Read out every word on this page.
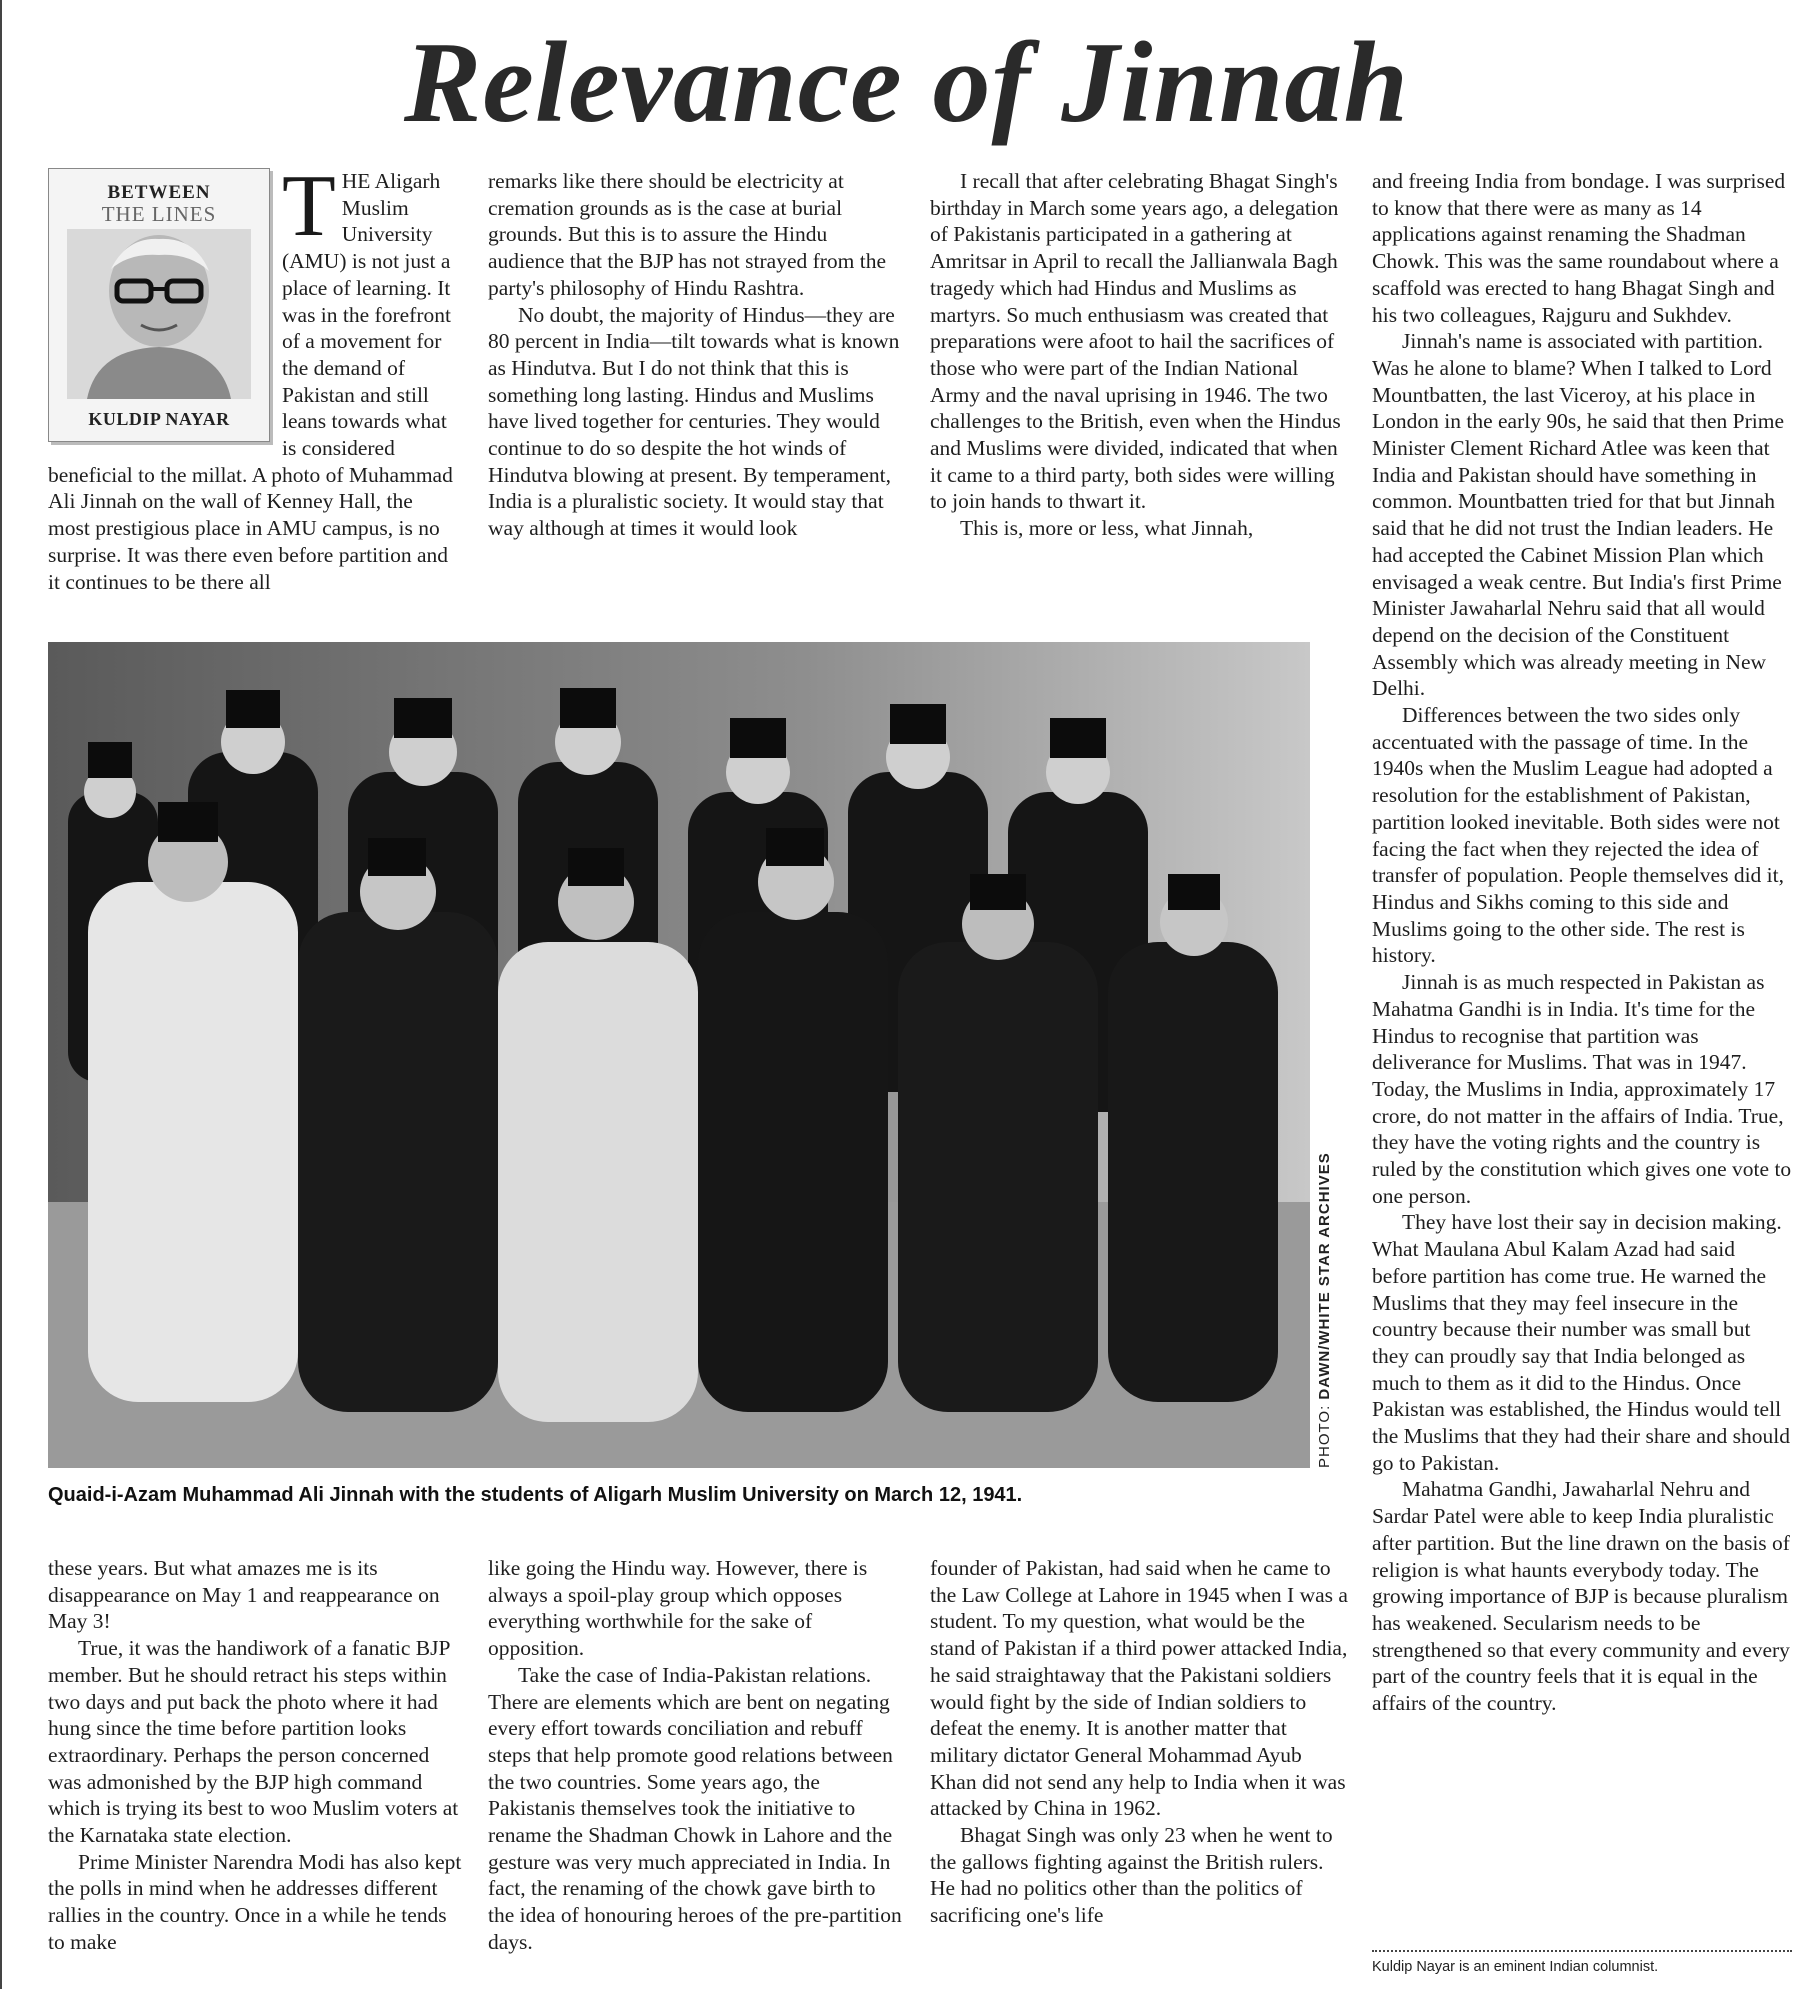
Relevance of Jinnah
BETWEEN
THE LINES
KULDIP NAYAR
T HE Aligarh Muslim University (AMU) is not just a place of learning. It was in the forefront of a movement for the demand of Pakistan and still leans towards what is considered beneficial to the millat. A photo of Muhammad Ali Jinnah on the wall of Kenney Hall, the most prestigious place in AMU campus, is no surprise. It was there even before partition and it continues to be there all

remarks like there should be electricity at cremation grounds as is the case at burial grounds. But this is to assure the Hindu audience that the BJP has not strayed from the party's philosophy of Hindu Rashtra.

No doubt, the majority of Hindus—they are 80 percent in India—tilt towards what is known as Hindutva. But I do not think that this is something long lasting. Hindus and Muslims have lived together for centuries. They would continue to do so despite the hot winds of Hindutva blowing at present. By temperament, India is a pluralistic society. It would stay that way although at times it would look

I recall that after celebrating Bhagat Singh's birthday in March some years ago, a delegation of Pakistanis participated in a gathering at Amritsar in April to recall the Jallianwala Bagh tragedy which had Hindus and Muslims as martyrs. So much enthusiasm was created that preparations were afoot to hail the sacrifices of those who were part of the Indian National Army and the naval uprising in 1946. The two challenges to the British, even when the Hindus and Muslims were divided, indicated that when it came to a third party, both sides were willing to join hands to thwart it.

This is, more or less, what Jinnah,

and freeing India from bondage. I was surprised to know that there were as many as 14 applications against renaming the Shadman Chowk. This was the same roundabout where a scaffold was erected to hang Bhagat Singh and his two colleagues, Rajguru and Sukhdev.

Jinnah's name is associated with partition. Was he alone to blame? When I talked to Lord Mountbatten, the last Viceroy, at his place in London in the early 90s, he said that then Prime Minister Clement Richard Atlee was keen that India and Pakistan should have something in common. Mountbatten tried for that but Jinnah said that he did not trust the Indian leaders. He had accepted the Cabinet Mission Plan which envisaged a weak centre. But India's first Prime Minister Jawaharlal Nehru said that all would depend on the decision of the Constituent Assembly which was already meeting in New Delhi.

Differences between the two sides only accentuated with the passage of time. In the 1940s when the Muslim League had adopted a resolution for the establishment of Pakistan, partition looked inevitable. Both sides were not facing the fact when they rejected the idea of transfer of population. People themselves did it, Hindus and Sikhs coming to this side and Muslims going to the other side. The rest is history.

Jinnah is as much respected in Pakistan as Mahatma Gandhi is in India. It's time for the Hindus to recognise that partition was deliverance for Muslims. That was in 1947. Today, the Muslims in India, approximately 17 crore, do not matter in the affairs of India. True, they have the voting rights and the country is ruled by the constitution which gives one vote to one person.

They have lost their say in decision making. What Maulana Abul Kalam Azad had said before partition has come true. He warned the Muslims that they may feel insecure in the country because their number was small but they can proudly say that India belonged as much to them as it did to the Hindus. Once Pakistan was established, the Hindus would tell the Muslims that they had their share and should go to Pakistan.

Mahatma Gandhi, Jawaharlal Nehru and Sardar Patel were able to keep India pluralistic after partition. But the line drawn on the basis of religion is what haunts everybody today. The growing importance of BJP is because pluralism has weakened. Secularism needs to be strengthened so that every community and every part of the country feels that it is equal in the affairs of the country.

PHOTO: DAWN/WHITE STAR ARCHIVES
Quaid-i-Azam Muhammad Ali Jinnah with the students of Aligarh Muslim University on March 12, 1941.

these years. But what amazes me is its disappearance on May 1 and reappearance on May 3!

True, it was the handiwork of a fanatic BJP member. But he should retract his steps within two days and put back the photo where it had hung since the time before partition looks extraordinary. Perhaps the person concerned was admonished by the BJP high command which is trying its best to woo Muslim voters at the Karnataka state election.

Prime Minister Narendra Modi has also kept the polls in mind when he addresses different rallies in the country. Once in a while he tends to make

like going the Hindu way. However, there is always a spoil-play group which opposes everything worthwhile for the sake of opposition.

Take the case of India-Pakistan relations. There are elements which are bent on negating every effort towards conciliation and rebuff steps that help promote good relations between the two countries. Some years ago, the Pakistanis themselves took the initiative to rename the Shadman Chowk in Lahore and the gesture was very much appreciated in India. In fact, the renaming of the chowk gave birth to the idea of honouring heroes of the pre-partition days.

founder of Pakistan, had said when he came to the Law College at Lahore in 1945 when I was a student. To my question, what would be the stand of Pakistan if a third power attacked India, he said straightaway that the Pakistani soldiers would fight by the side of Indian soldiers to defeat the enemy. It is another matter that military dictator General Mohammad Ayub Khan did not send any help to India when it was attacked by China in 1962.

Bhagat Singh was only 23 when he went to the gallows fighting against the British rulers. He had no politics other than the politics of sacrificing one's life

Kuldip Nayar is an eminent Indian columnist.
